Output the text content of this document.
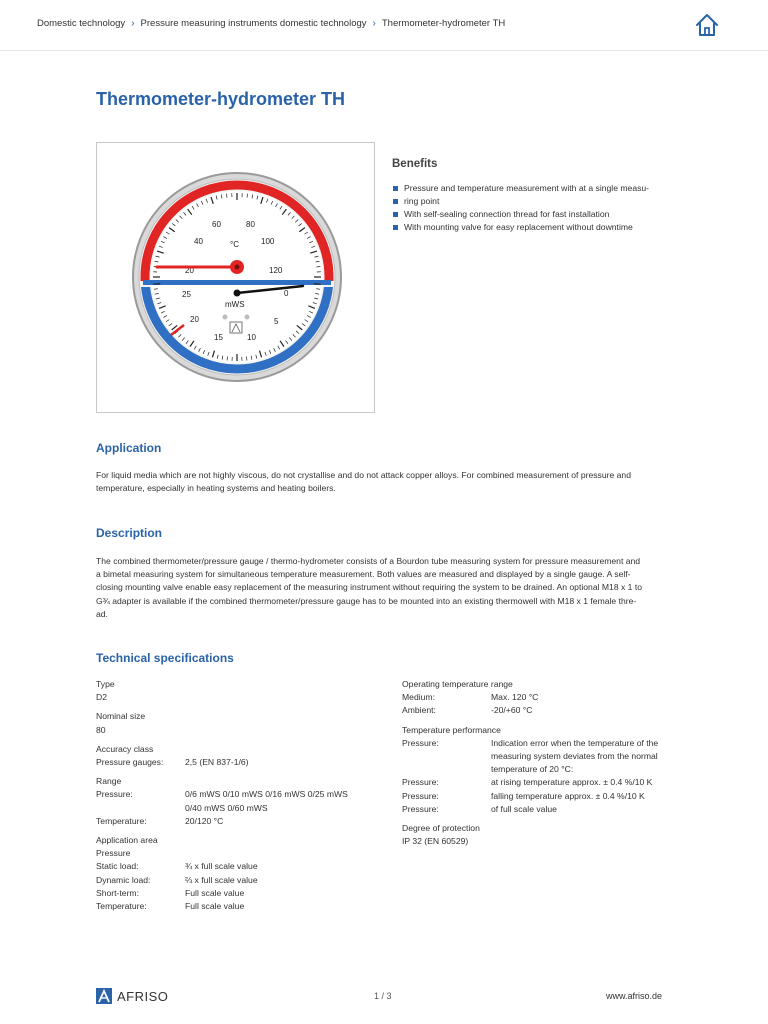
Domestic technology › Pressure measuring instruments domestic technology › Thermometer-hydrometer TH
Thermometer-hydrometer TH
20
40
60	80
100
120
°C
0
5
10
15
20
25
mWS
Benefits
Pressure and temperature measurement with at a single measu-
ring point
With self-sealing connection thread for fast installation
With mounting valve for easy replacement without downtime
Application
For liquid media which are not highly viscous, do not crystallise and do not attack copper alloys. For combined measurement of pressure and
temperature, especially in heating systems and heating boilers.
Description
The combined thermometer/pressure gauge / thermo-hydrometer consists of a Bourdon tube measuring system for pressure measurement and
a bimetal measuring system for simultaneous temperature measurement. Both values are measured and displayed by a single gauge. A self-
closing mounting valve enable easy replacement of the measuring instrument without requiring the system to be drained. An optional M18 x 1 to
G¾ adapter is available if the combined thermometer/pressure gauge has to be mounted into an existing thermowell with M18 x 1 female thre-
ad.
Technical specifications
Type
D2
Nominal size
80
Accuracy class
Pressure gauges:	2,5 (EN 837-1/6)
Range
Pressure:	0/6 mWS 0/10 mWS 0/16 mWS 0/25 mWS
0/40 mWS 0/60 mWS
Temperature:	20/120 °C
Application area
Pressure
Static load:	¾ x full scale value
Dynamic load:	⅔ x full scale value
Short-term:	Full scale value
Temperature:	Full scale value
Operating temperature range
Medium:	Max. 120 °C
Ambient:	-20/+60 °C
Temperature performance
Pressure:	Indication error when the temperature of the
measuring system deviates from the normal
temperature of 20 °C:
Pressure:	at rising temperature approx. ± 0.4 %/10 K
Pressure:	falling temperature approx. ± 0.4 %/10 K
Pressure:	of full scale value
Degree of protection
IP 32 (EN 60529)
AFRISO	1 / 3	www.afriso.de
